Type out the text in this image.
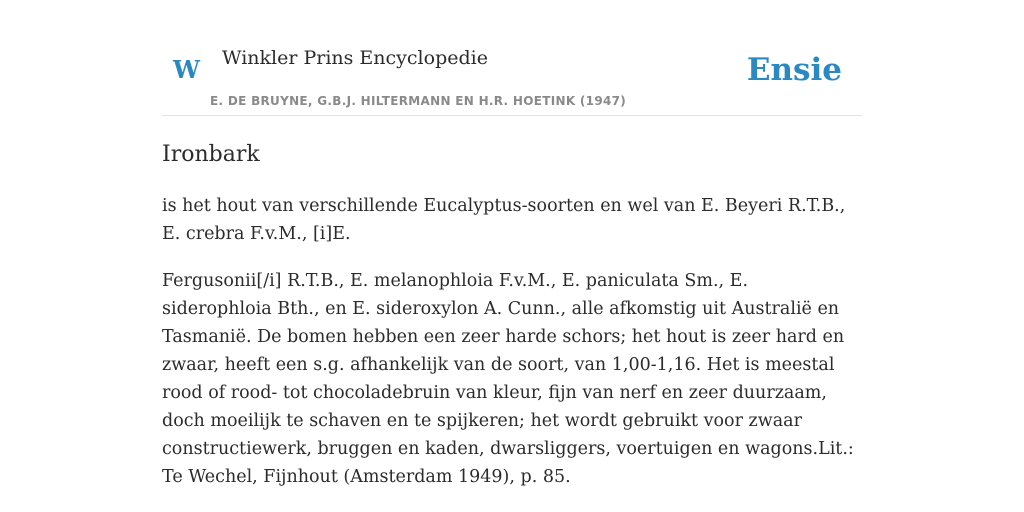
W Winkler Prins Encyclopedie
E. DE BRUYNE, G.B.J. HILTERMANN EN H.R. HOETINK (1947)
Ensie
Ironbark

is het hout van verschillende Eucalyptus-soorten en wel van E. Beyeri R.T.B., E. crebra F.v.M., [i]E.

Fergusonii[/i] R.T.B., E. melanophloia F.v.M., E. paniculata Sm., E. siderophloia Bth., en E. sideroxylon A. Cunn., alle afkomstig uit Australië en Tasmanië. De bomen hebben een zeer harde schors; het hout is zeer hard en zwaar, heeft een s.g. afhankelijk van de soort, van 1,00-1,16. Het is meestal rood of rood- tot chocoladebruin van kleur, fijn van nerf en zeer duurzaam, doch moeilijk te schaven en te spijkeren; het wordt gebruikt voor zwaar constructiewerk, bruggen en kaden, dwarsliggers, voertuigen en wagons.Lit.: Te Wechel, Fijnhout (Amsterdam 1949), p. 85.
